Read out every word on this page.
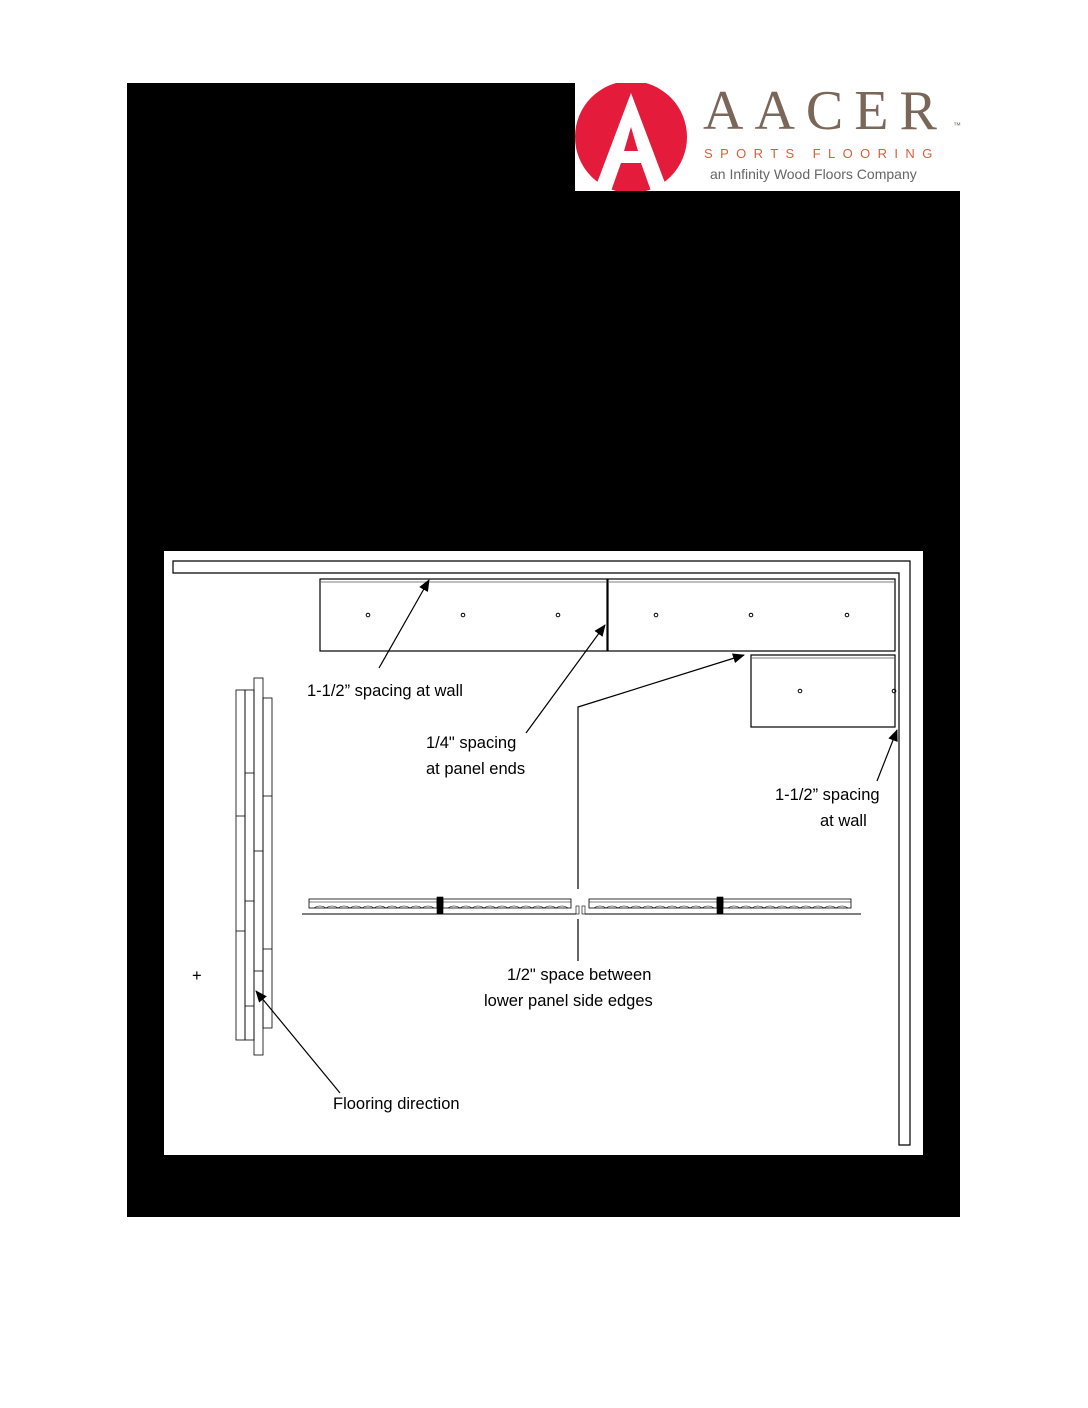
AACER ™
SPORTS FLOORING
an Infinity Wood Floors Company
1-1/2” spacing at wall
1/4" spacing
at panel ends
1-1/2” spacing
at wall
1/2" space between
lower panel side edges
+
Flooring direction
